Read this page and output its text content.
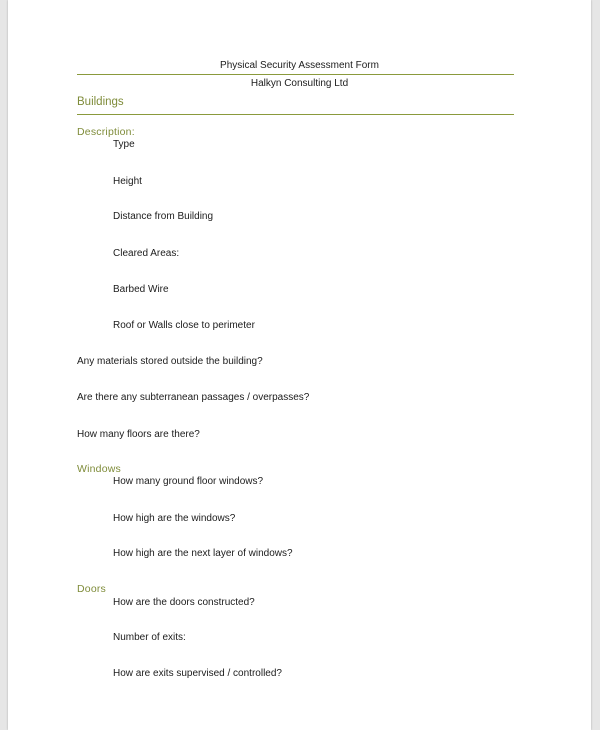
Physical Security Assessment Form
Halkyn Consulting Ltd
Buildings
Description:
Type
Height
Distance from Building
Cleared Areas:
Barbed Wire
Roof or Walls close to perimeter
Any materials stored outside the building?
Are there any subterranean passages / overpasses?
How many floors are there?
Windows
How many ground floor windows?
How high are the windows?
How high are the next layer of windows?
Doors
How are the doors constructed?
Number of exits:
How are exits supervised / controlled?
